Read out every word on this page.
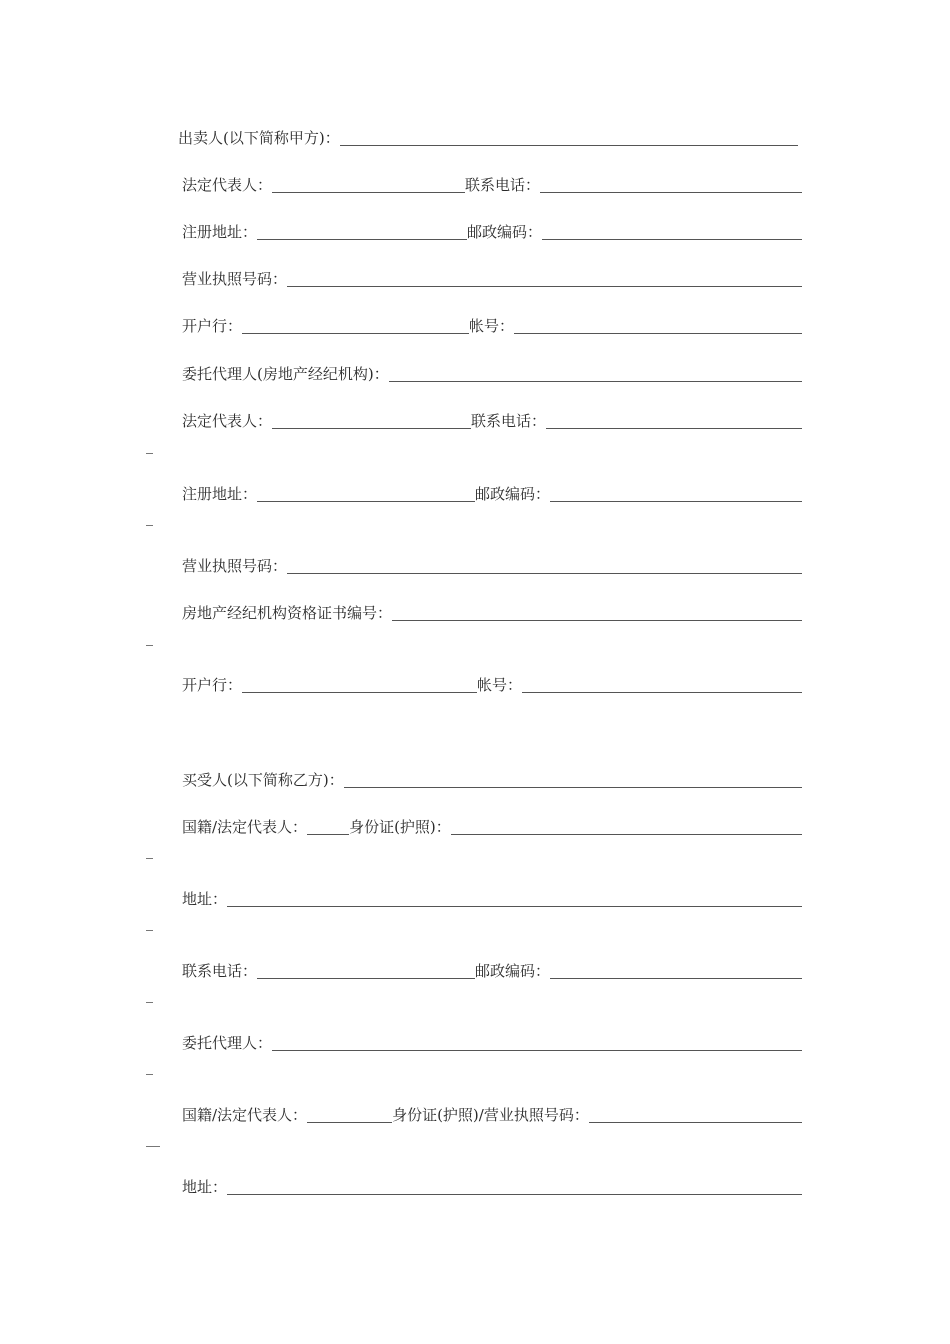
出卖人(以下简称甲方)：
法定代表人：	联系电话：
注册地址：	邮政编码：
营业执照号码：
开户行：	帐号：
委托代理人(房地产经纪机构)：
法定代表人：	联系电话：
注册地址：	邮政编码：
营业执照号码：
房地产经纪机构资格证书编号：
开户行：	帐号：
买受人(以下简称乙方)：
国籍/法定代表人：	身份证(护照)：
地址：
联系电话：	邮政编码：
委托代理人：
国籍/法定代表人：	身份证(护照)/营业执照号码：
地址：
